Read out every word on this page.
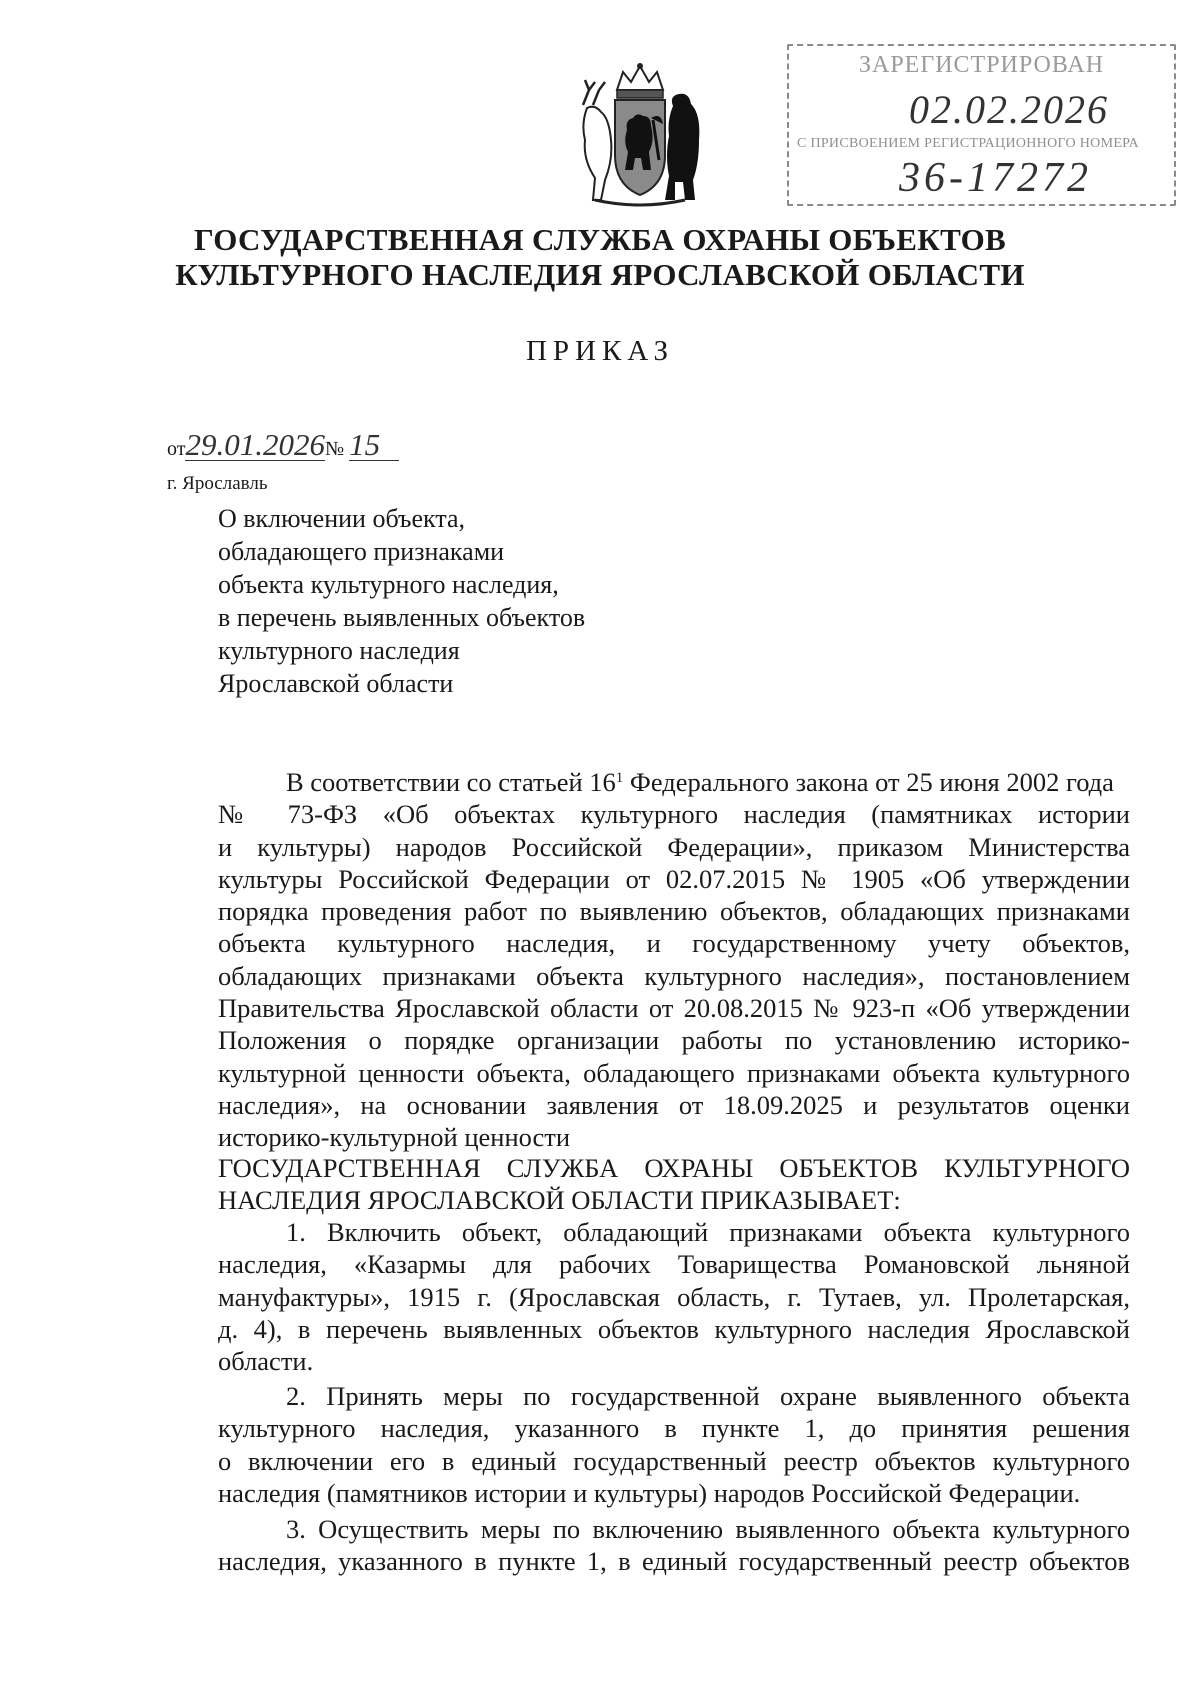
ЗАРЕГИСТРИРОВАН
02.02.2026
С ПРИСВОЕНИЕМ РЕГИСТРАЦИОННОГО НОМЕРА
36-17272
ГОСУДАРСТВЕННАЯ СЛУЖБА ОХРАНЫ ОБЪЕКТОВ
КУЛЬТУРНОГО НАСЛЕДИЯ ЯРОСЛАВСКОЙ ОБЛАСТИ
ПРИКАЗ
от29.01.2026№ 15
г. Ярославль
О включении объекта,
обладающего признаками
объекта культурного наследия,
в перечень выявленных объектов
культурного наследия
Ярославской области
В соответствии со статьей $16^1$ Федерального закона от 25 июня 2002 года
№ 73-ФЗ «Об объектах культурного наследия (памятниках истории
и культуры) народов Российской Федерации», приказом Министерства
культуры Российской Федерации от 02.07.2015 № 1905 «Об утверждении
порядка проведения работ по выявлению объектов, обладающих признаками
объекта культурного наследия, и государственному учету объектов,
обладающих признаками объекта культурного наследия», постановлением
Правительства Ярославской области от 20.08.2015 № 923-п «Об утверждении
Положения о порядке организации работы по установлению историко-
культурной ценности объекта, обладающего признаками объекта культурного
наследия», на основании заявления от 18.09.2025 и результатов оценки
историко-культурной ценности
ГОСУДАРСТВЕННАЯ СЛУЖБА ОХРАНЫ ОБЪЕКТОВ КУЛЬТУРНОГО
НАСЛЕДИЯ ЯРОСЛАВСКОЙ ОБЛАСТИ ПРИКАЗЫВАЕТ:
1. Включить объект, обладающий признаками объекта культурного
наследия, «Казармы для рабочих Товарищества Романовской льняной
мануфактуры», 1915 г. (Ярославская область, г. Тутаев, ул. Пролетарская,
д. 4), в перечень выявленных объектов культурного наследия Ярославской
области.
2. Принять меры по государственной охране выявленного объекта
культурного наследия, указанного в пункте 1, до принятия решения
о включении его в единый государственный реестр объектов культурного
наследия (памятников истории и культуры) народов Российской Федерации.
3. Осуществить меры по включению выявленного объекта культурного
наследия, указанного в пункте 1, в единый государственный реестр объектов
